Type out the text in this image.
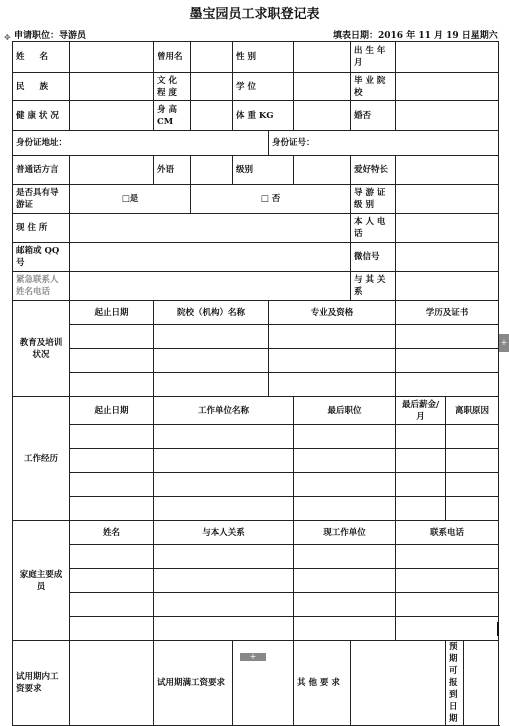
墨宝园员工求职登记表
✥ 申请职位：导游员	填表日期：2016 年 11 月 19 日星期六
姓 名		曾用名		性 别			出 生 年 月			
民 族		文 化 程 度		学 位			毕 业 院 校			
健 康 状 况		身 高 CM		体 重 KG			婚否			
身份证地址：					身份证号：					
普通话方言		外语		级别			爱好特长			
是否具有导游证	□是		□ 否				导 游 证 级 别			
现 住 所							本 人 电 话			
邮箱或 QQ 号							微信号			
紧急联系人 姓名电话							与 其 关 系			
教育及培训状况	起止日期	院校（机构）名称			专业及资格			学历及证书		

工作经历	起止日期	工作单位名称				最后职位		最后薪金/月	离职原因	

家庭主要成员	姓名	与本人关系				现工作单位		联系电话		

试用期内工资要求		试用期满工资要求				其 他 要 求			预期可报到日期	
+
+
